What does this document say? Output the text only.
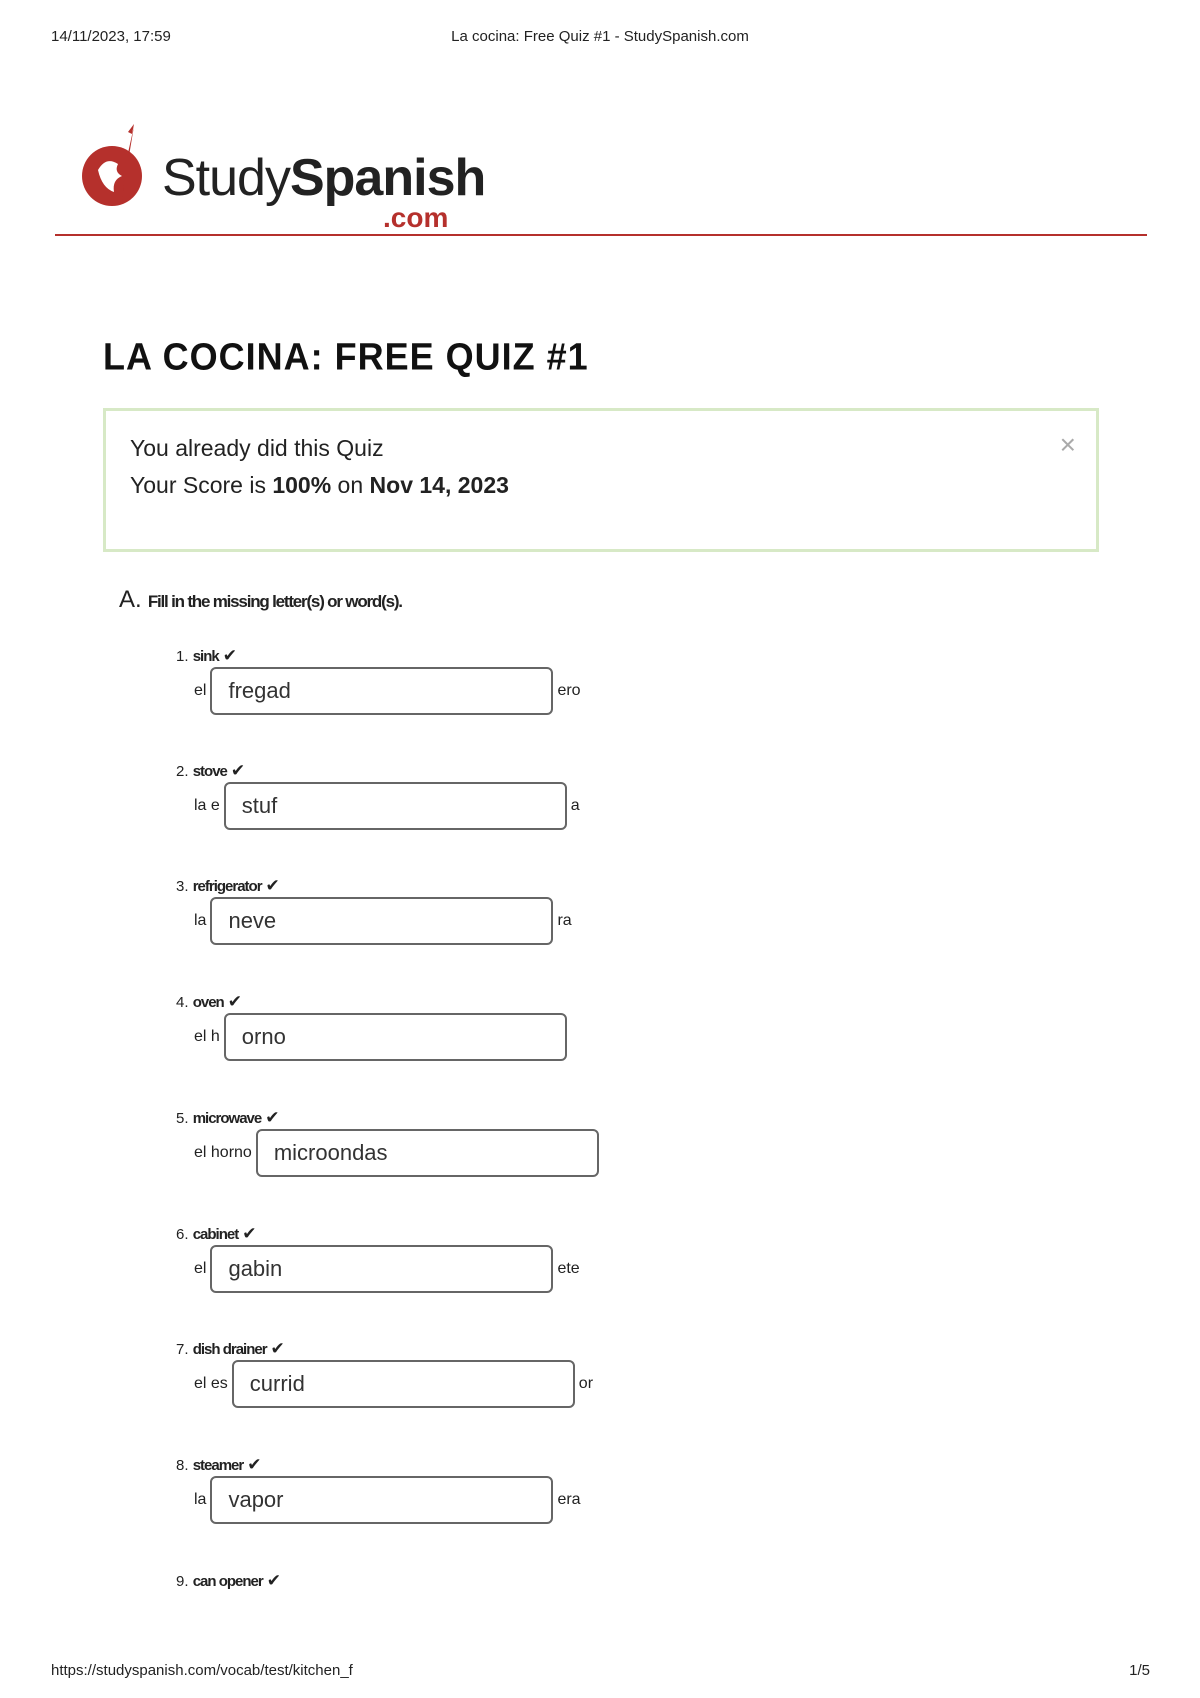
14/11/2023, 17:59	La cocina: Free Quiz #1 - StudySpanish.com
StudySpanish
.com
LA COCINA: FREE QUIZ #1
You already did this Quiz
Your Score is 100% on Nov 14, 2023
×
A. Fill in the missing letter(s) or word(s).
1. sink ✔
el	fregad	ero
2. stove ✔
la e	stuf	a
3. refrigerator ✔
la	neve	ra
4. oven ✔
el h	orno
5. microwave ✔
el horno	microondas
6. cabinet ✔
el	gabin	ete
7. dish drainer ✔
el es	currid	or
8. steamer ✔
la	vapor	era
9. can opener ✔
https://studyspanish.com/vocab/test/kitchen_f	1/5
